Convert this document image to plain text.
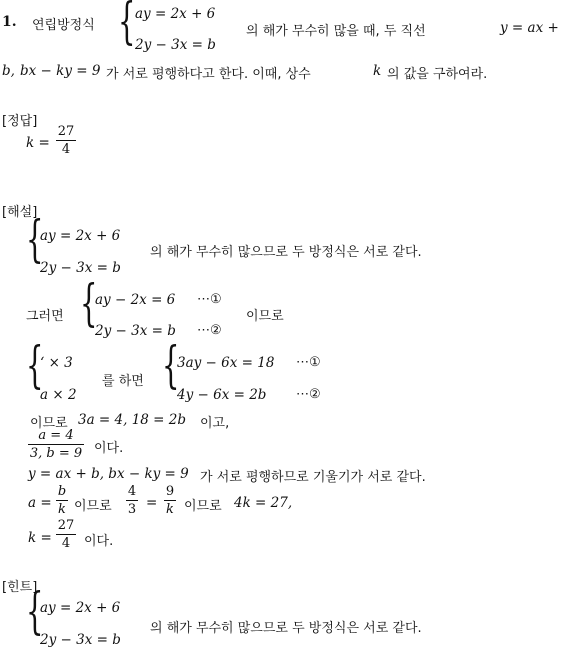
1. 연립방정식 { ay = 2x + 6
2y − 3x = b
의 해가 무수히 많을 때, 두 직선	y = ax +
b, bx − ky = 9 가 서로 평행하다고 한다. 이때, 상수	k 의 값을 구하여라.
[정답]
k =
27
4
[해설]
{
ay = 2x + 6
2y − 3x = b
의 해가 무수히 많으므로 두 방정식은 서로 같다.
그러면 {
ay − 2x = 6 ⋯①
2y − 3x = b ⋯②
이므로
{
‘ × 3
a × 2
를 하면 {
3ay − 6x = 18 ⋯①
4y − 6x = 2b ⋯②
이므로 3a = 4, 18 = 2b 이고,
a = 4
3, b = 9 이다.
y = ax + b, bx − ky = 9 가 서로 평행하므로 기울기가 서로 같다.
a =
b
k 이므로
4
3 =
9
k 이므로 4k = 27,
k =
27
4	이다.
[힌트]
{
ay = 2x + 6
2y − 3x = b
의 해가 무수히 많으므로 두 방정식은 서로 같다.
